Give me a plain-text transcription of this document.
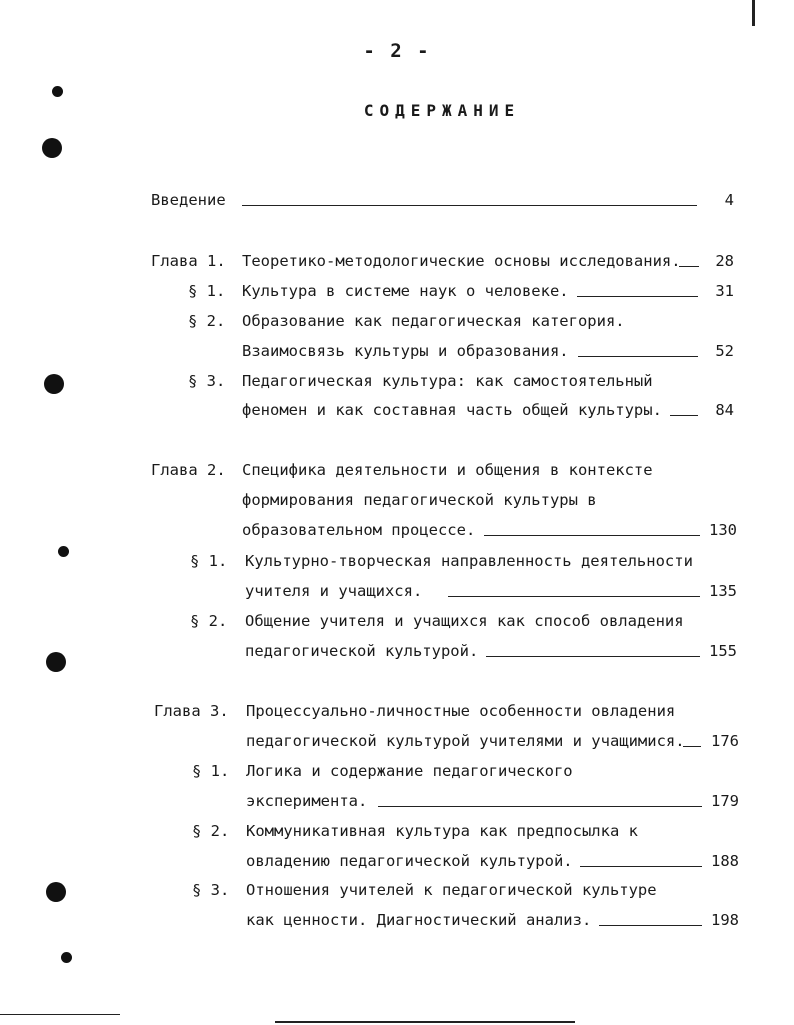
- 2 -
СОДЕРЖАНИЕ
Введение	4
Глава 1. Теоретико-методологические основы исследования.	28
§ 1. Культура в системе наук о человеке.	31
§ 2. Образование как педагогическая категория.
Взаимосвязь культуры и образования.	52
§ 3. Педагогическая культура: как самостоятельный
феномен и как составная часть общей культуры.	84
Глава 2. Специфика деятельности и общения в контексте
формирования педагогической культуры в
образовательном процессе.	130
§ 1. Культурно-творческая направленность деятельности
учителя и учащихся.	135
§ 2. Общение учителя и учащихся как способ овладения
педагогической культурой.	155
Глава 3. Процессуально-личностные особенности овладения
педагогической культурой учителями и учащимися.	176
§ 1. Логика и содержание педагогического
эксперимента.	179
§ 2. Коммуникативная культура как предпосылка к
овладению педагогической культурой.	188
§ 3. Отношения учителей к педагогической культуре
как ценности. Диагностический анализ.	198
